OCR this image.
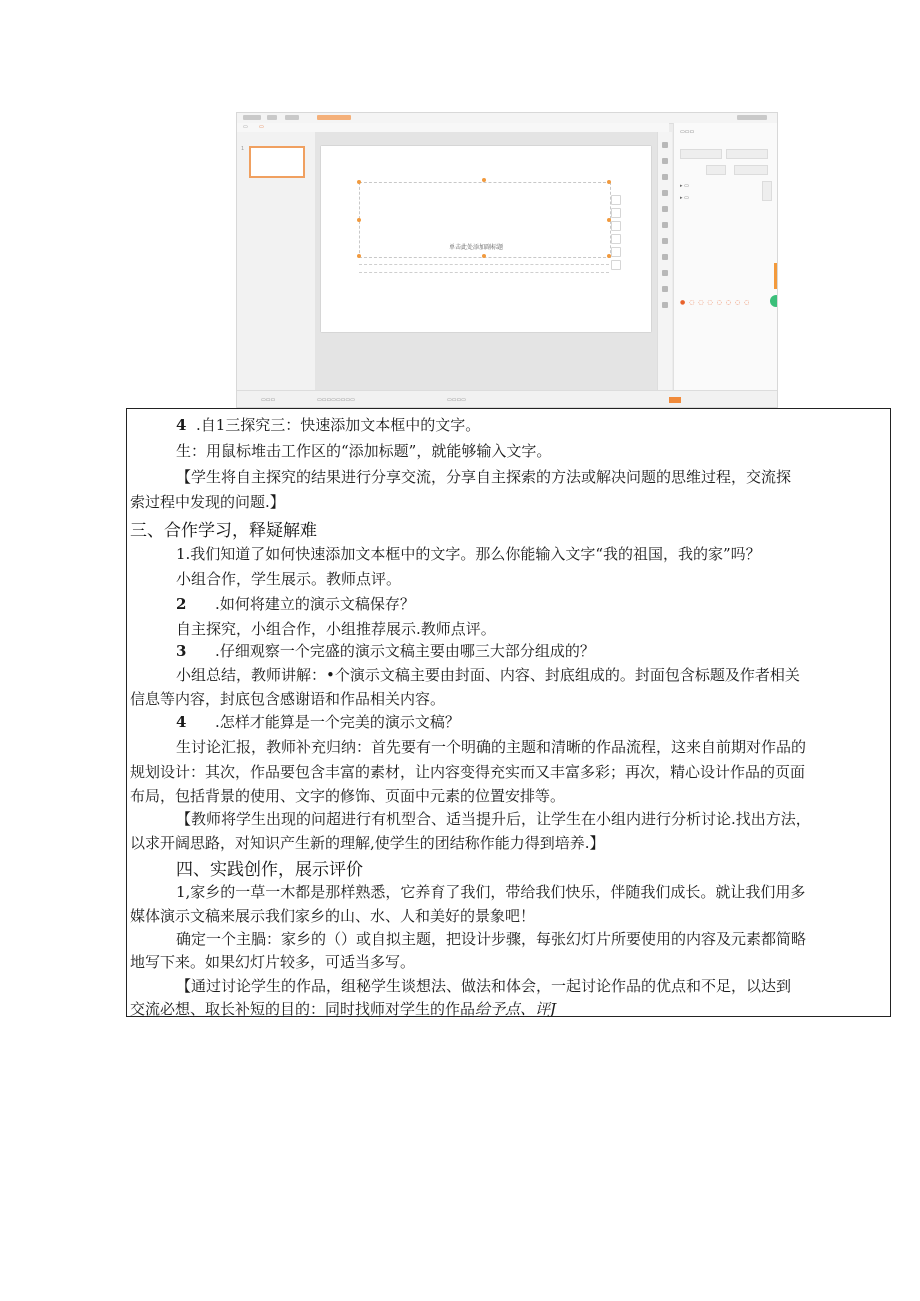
▭ ▭
1
单击此处添加副标题
▭▭▭
▸ ▭
▸ ▭
● ◌ ◌ ◌ ◌ ◌ ◌ ◌
▭▭▭	▭▭▭▭▭▭▭▭	▭▭▭▭
4 .自1三探究三：快速添加文本框中的文字。
生：用鼠标堆击工作区的“添加标题”，就能够输入文字。
【学生将自主探究的结果进行分享交流，分享自主探索的方法或解决问题的思维过程，交流探
索过程中发现的问题.】
三、合作学习，释疑解难
1.我们知道了如何快速添加文本框中的文字。那么你能输入文字“我的祖国，我的家”吗？
小组合作，学生展示。教师点评。
2 .如何将建立的演示文稿保存？
自主探究，小组合作，小组推荐展示.教师点评。
3 .仔细观察一个完盛的演示文稿主要由哪三大部分组成的？
小组总结，教师讲解：•个演示文稿主要由封面、内容、封底组成的。封面包含标题及作者相关
信息等内容，封底包含感谢语和作品相关内容。
4 .怎样才能算是一个完美的演示文稿？
生讨论汇报，教师补充归纳：首先要有一个明确的主题和清晰的作品流程，这来自前期对作品的
规划设计：其次，作品要包含丰富的素材，让内容变得充实而又丰富多彩；再次，精心设计作品的页面
布局，包括背景的使用、文字的修饰、页面中元素的位置安排等。
【教师将学生出现的问超进行有机型合、适当提升后，让学生在小组内进行分析讨论.找出方法，
以求开阔思路，对知识产生新的理解,使学生的团结称作能力得到培养.】
四、实践创作，展示评价
1,家乡的一草一木都是那样熟悉，它养育了我们，带给我们快乐，伴随我们成长。就让我们用多
媒体演示文稿来展示我们家乡的山、水、人和美好的景象吧！
确定一个主腡：家乡的（）或自拟主题，把设计步骤，每张幻灯片所要使用的内容及元素都简略
地写下来。如果幻灯片较多，可适当多写。
【通过讨论学生的作品，组秘学生谈想法、做法和体会，一起讨论作品的优点和不足，以达到
交流必想、取长补短的目的：同时找师对学生的作品给予点、评J
